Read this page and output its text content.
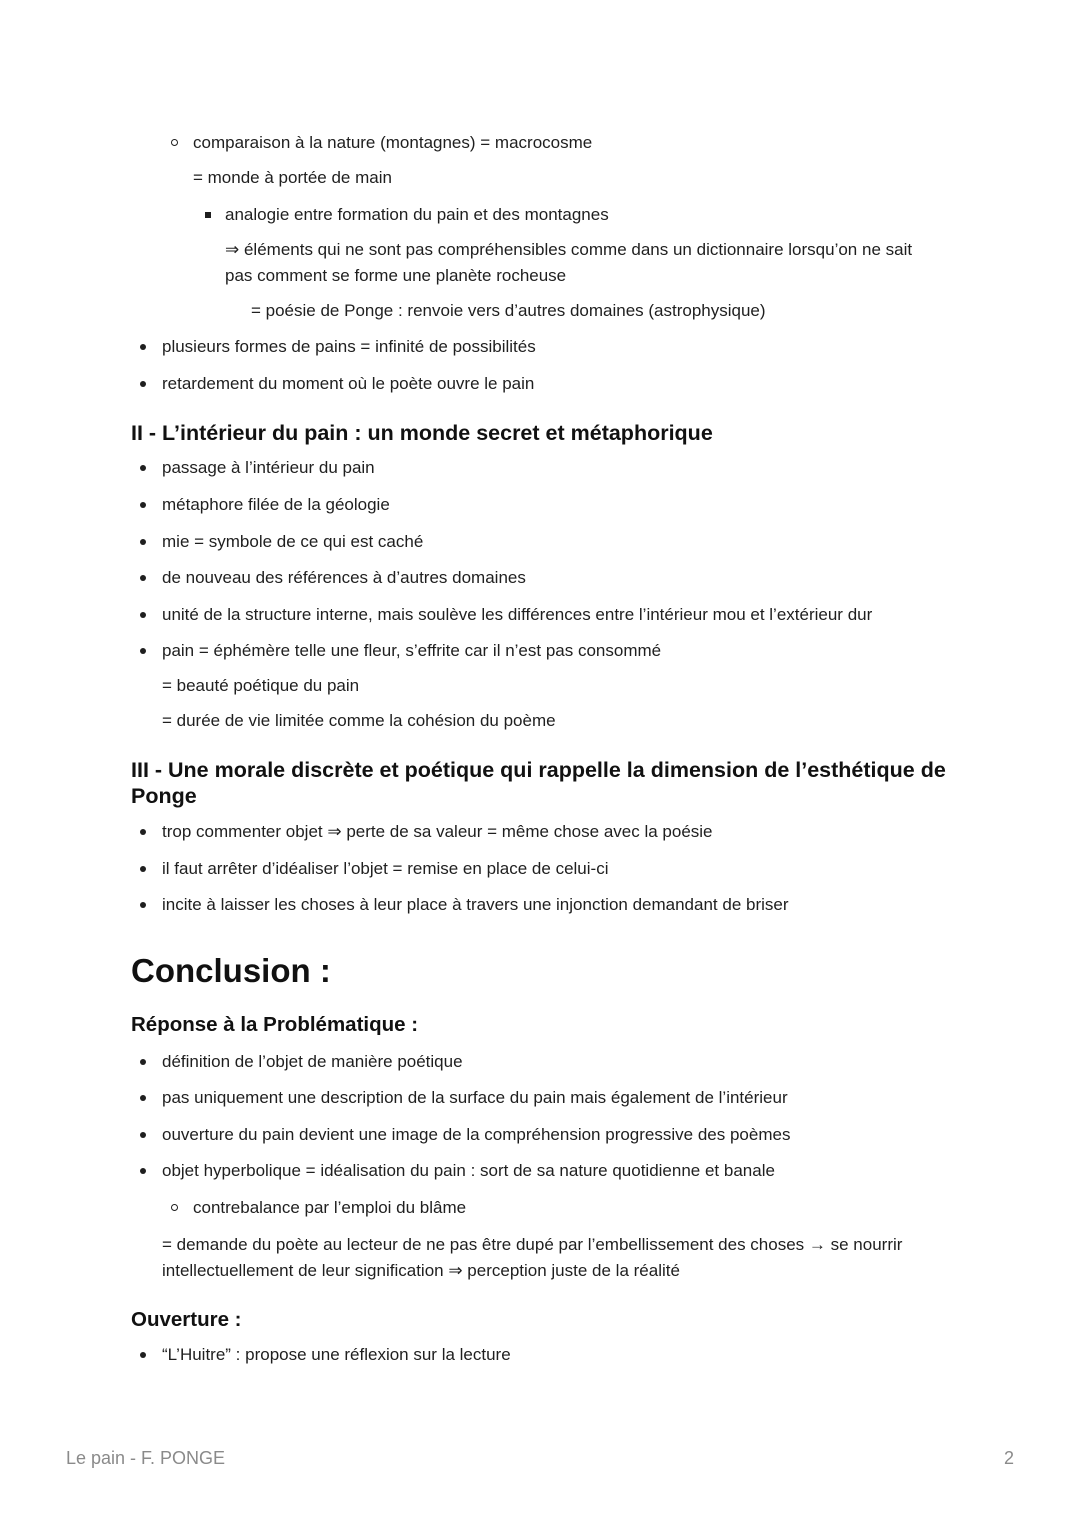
comparaison à la nature (montagnes) = macrocosme
= monde à portée de main
analogie entre formation du pain et des montagnes
⇒ éléments qui ne sont pas compréhensibles comme dans un dictionnaire lorsqu’on ne sait
pas comment se forme une planète rocheuse
= poésie de Ponge : renvoie vers d’autres domaines (astrophysique)
plusieurs formes de pains = infinité de possibilités
retardement du moment où le poète ouvre le pain
II - L’intérieur du pain : un monde secret et métaphorique
passage à l’intérieur du pain
métaphore filée de la géologie
mie = symbole de ce qui est caché
de nouveau des références à d’autres domaines
unité de la structure interne, mais soulève les différences entre l’intérieur mou et l’extérieur dur
pain = éphémère telle une fleur, s’effrite car il n’est pas consommé
= beauté poétique du pain
= durée de vie limitée comme la cohésion du poème
III - Une morale discrète et poétique qui rappelle la dimension de l’esthétique de
Ponge
trop commenter objet ⇒ perte de sa valeur = même chose avec la poésie
il faut arrêter d’idéaliser l’objet = remise en place de celui-ci
incite à laisser les choses à leur place à travers une injonction demandant de briser
Conclusion :
Réponse à la Problématique :
définition de l’objet de manière poétique
pas uniquement une description de la surface du pain mais également de l’intérieur
ouverture du pain devient une image de la compréhension progressive des poèmes
objet hyperbolique = idéalisation du pain : sort de sa nature quotidienne et banale
contrebalance par l’emploi du blâme
= demande du poète au lecteur de ne pas être dupé par l’embellissement des choses → se nourrir
intellectuellement de leur signification ⇒ perception juste de la réalité
Ouverture :
“L’Huitre” : propose une réflexion sur la lecture
Le pain - F. PONGE	2
